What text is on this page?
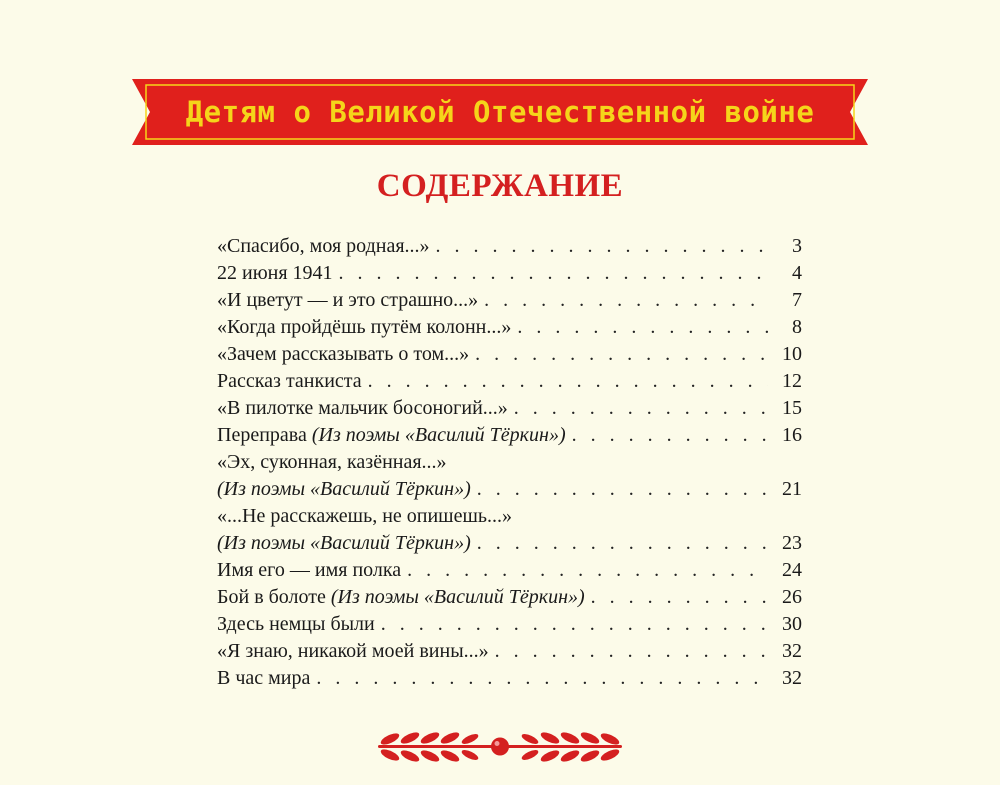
Детям о Великой Отечественной войне
СОДЕРЖАНИЕ
«Спасибо, моя родная...» . . .	3
22 июня 1941 . . .	4
«И цветут — и это страшно...» . . .	7
«Когда пройдёшь путём колонн...» . . .	8
«Зачем рассказывать о том...» . . .	10
Рассказ танкиста . . .	12
«В пилотке мальчик босоногий...» . . .	15
Переправа (Из поэмы «Василий Тёркин») . . .	16
«Эх, суконная, казённая...»
(Из поэмы «Василий Тёркин») . . .	21
«...Не расскажешь, не опишешь...»
(Из поэмы «Василий Тёркин») . . .	23
Имя его — имя полка . . .	24
Бой в болоте (Из поэмы «Василий Тёркин») . . .	26
Здесь немцы были . . .	30
«Я знаю, никакой моей вины...» . . .	32
В час мира . . .	32
